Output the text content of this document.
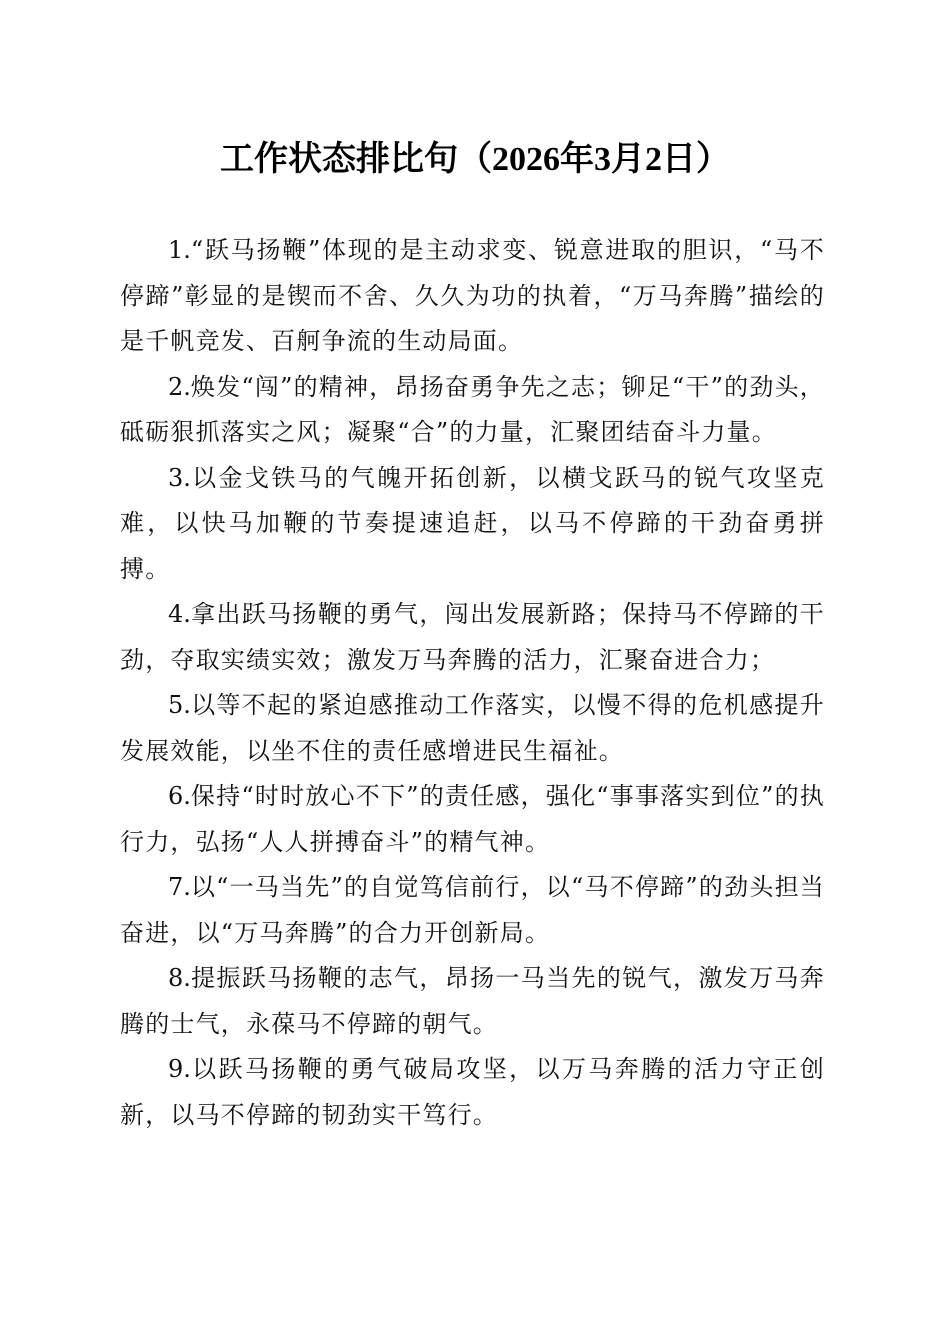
工作状态排比句（2026年3月2日）

1.“跃马扬鞭”体现的是主动求变、锐意进取的胆识，“马不停蹄”彰显的是锲而不舍、久久为功的执着，“万马奔腾”描绘的是千帆竞发、百舸争流的生动局面。

2.焕发“闯”的精神，昂扬奋勇争先之志；铆足“干”的劲头，砥砺狠抓落实之风；凝聚“合”的力量，汇聚团结奋斗力量。

3.以金戈铁马的气魄开拓创新，以横戈跃马的锐气攻坚克难，以快马加鞭的节奏提速追赶，以马不停蹄的干劲奋勇拼搏。

4.拿出跃马扬鞭的勇气，闯出发展新路；保持马不停蹄的干劲，夺取实绩实效；激发万马奔腾的活力，汇聚奋进合力；

5.以等不起的紧迫感推动工作落实，以慢不得的危机感提升发展效能，以坐不住的责任感增进民生福祉。

6.保持“时时放心不下”的责任感，强化“事事落实到位”的执行力，弘扬“人人拼搏奋斗”的精气神。

7.以“一马当先”的自觉笃信前行，以“马不停蹄”的劲头担当奋进，以“万马奔腾”的合力开创新局。

8.提振跃马扬鞭的志气，昂扬一马当先的锐气，激发万马奔腾的士气，永葆马不停蹄的朝气。

9.以跃马扬鞭的勇气破局攻坚，以万马奔腾的活力守正创新，以马不停蹄的韧劲实干笃行。
